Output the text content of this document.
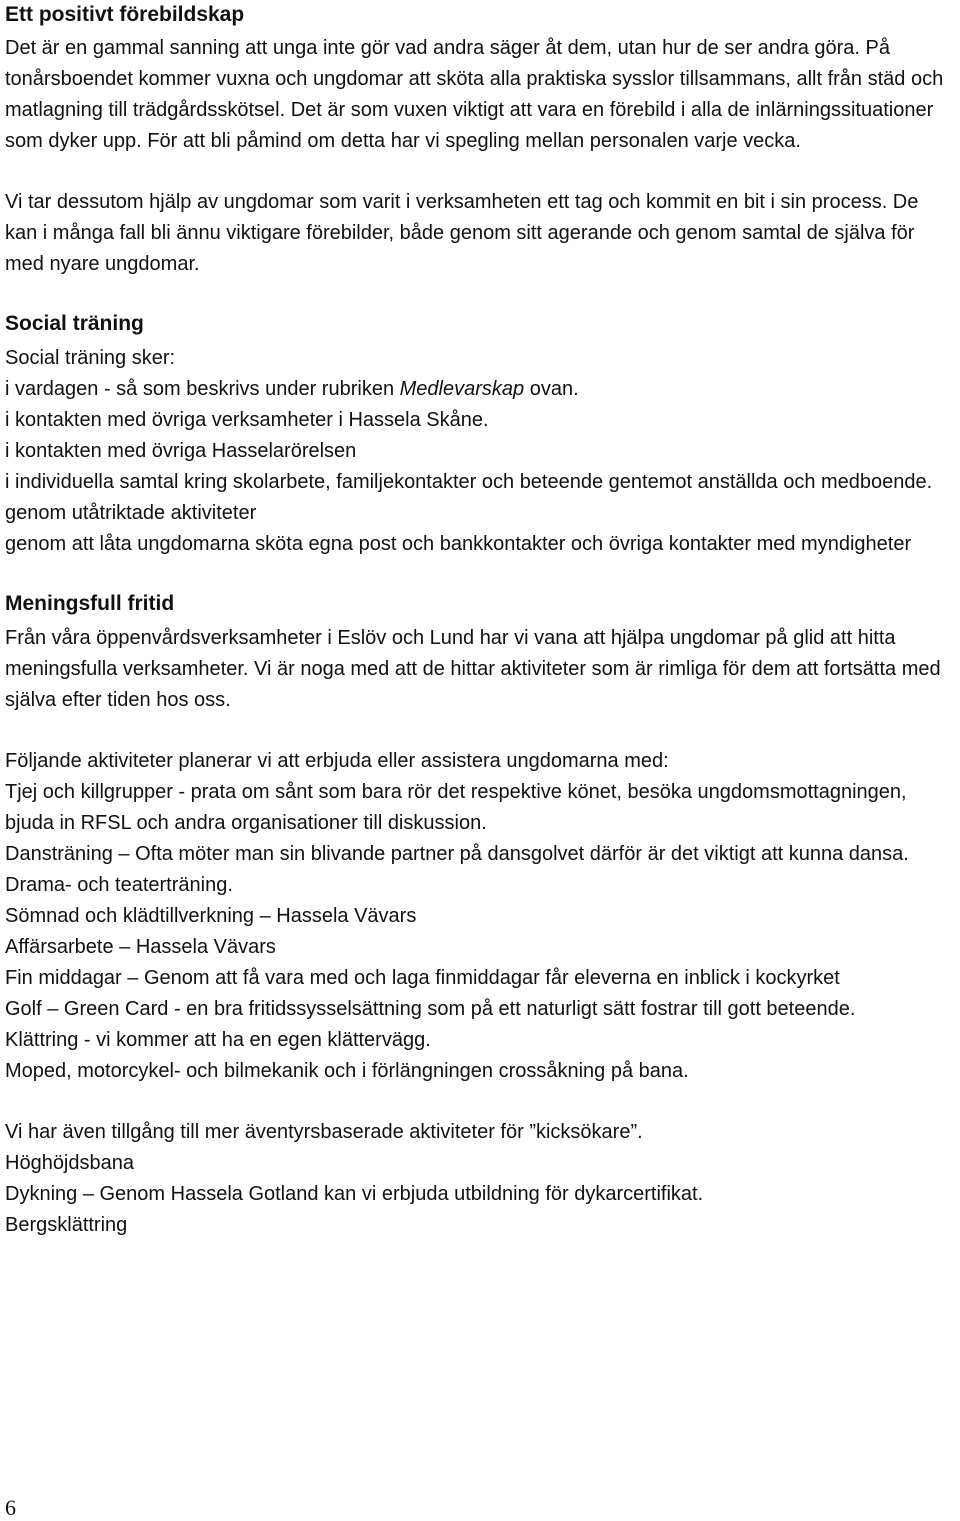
Ett positivt förebildskap

Det är en gammal sanning att unga inte gör vad andra säger åt dem, utan hur de ser andra göra. På tonårsboendet kommer vuxna och ungdomar att sköta alla praktiska sysslor tillsammans, allt från städ och matlagning till trädgårdsskötsel. Det är som vuxen viktigt att vara en förebild i alla de inlärningssituationer som dyker upp. För att bli påmind om detta har vi spegling mellan personalen varje vecka.

Vi tar dessutom hjälp av ungdomar som varit i verksamheten ett tag och kommit en bit i sin process. De kan i många fall bli ännu viktigare förebilder, både genom sitt agerande och genom samtal de själva för med nyare ungdomar.

Social träning
Social träning sker:
i vardagen - så som beskrivs under rubriken Medlevarskap ovan.
i kontakten med övriga verksamheter i Hassela Skåne.
i kontakten med övriga Hasselarörelsen

i individuella samtal kring skolarbete, familjekontakter och beteende gentemot anställda och medboende.

genom utåtriktade aktiviteter

genom att låta ungdomarna sköta egna post och bankkontakter och övriga kontakter med myndigheter

Meningsfull fritid

Från våra öppenvårdsverksamheter i Eslöv och Lund har vi vana att hjälpa ungdomar på glid att hitta meningsfulla verksamheter. Vi är noga med att de hittar aktiviteter som är rimliga för dem att fortsätta med själva efter tiden hos oss.

Följande aktiviteter planerar vi att erbjuda eller assistera ungdomarna med:

Tjej och killgrupper - prata om sånt som bara rör det respektive könet, besöka ungdomsmottagningen, bjuda in RFSL och andra organisationer till diskussion.

Dansträning – Ofta möter man sin blivande partner på dansgolvet därför är det viktigt att kunna dansa.

Drama- och teaterträning.
Sömnad och klädtillverkning – Hassela Vävars
Affärsarbete – Hassela Vävars

Fin middagar – Genom att få vara med och laga finmiddagar får eleverna en inblick i kockyrket

Golf – Green Card - en bra fritidssysselsättning som på ett naturligt sätt fostrar till gott beteende.

Klättring - vi kommer att ha en egen klättervägg.
Moped, motorcykel- och bilmekanik och i förlängningen crossåkning på bana.
Vi har även tillgång till mer äventyrsbaserade aktiviteter för ”kicksökare”.
Höghöjdsbana
Dykning – Genom Hassela Gotland kan vi erbjuda utbildning för dykarcertifikat.
Bergsklättring
6
